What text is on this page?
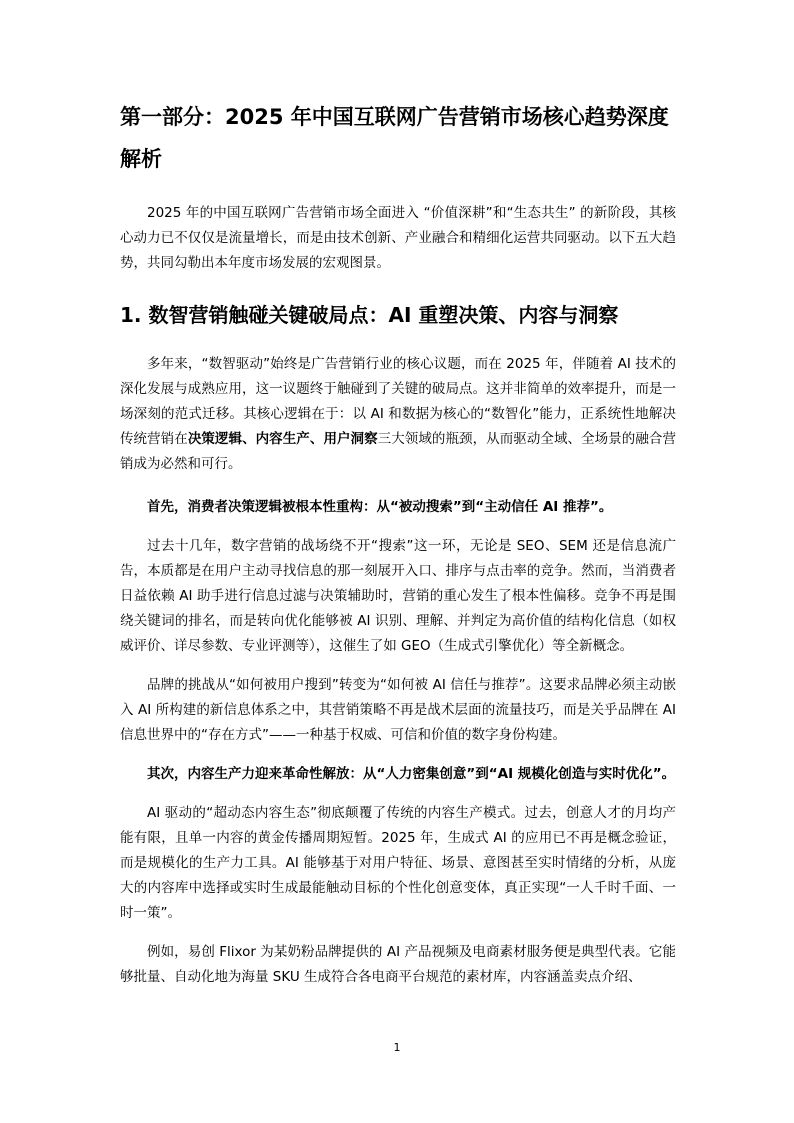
第一部分：2025 年中国互联网广告营销市场核心趋势深度解析

2025 年的中国互联网广告营销市场全面进入 “价值深耕”和“生态共生” 的新阶段，其核心动力已不仅仅是流量增长，而是由技术创新、产业融合和精细化运营共同驱动。以下五大趋势，共同勾勒出本年度市场发展的宏观图景。

1. 数智营销触碰关键破局点：AI 重塑决策、内容与洞察

多年来，“数智驱动”始终是广告营销行业的核心议题，而在 2025 年，伴随着 AI 技术的深化发展与成熟应用，这一议题终于触碰到了关键的破局点。这并非简单的效率提升，而是一场深刻的范式迁移。其核心逻辑在于：以 AI 和数据为核心的“数智化”能力，正系统性地解决传统营销在决策逻辑、内容生产、用户洞察三大领域的瓶颈，从而驱动全域、全场景的融合营销成为必然和可行。

首先，消费者决策逻辑被根本性重构：从“被动搜索”到“主动信任 AI 推荐”。

过去十几年，数字营销的战场绕不开“搜索”这一环，无论是 SEO、SEM 还是信息流广告，本质都是在用户主动寻找信息的那一刻展开入口、排序与点击率的竞争。然而，当消费者日益依赖 AI 助手进行信息过滤与决策辅助时，营销的重心发生了根本性偏移。竞争不再是围绕关键词的排名，而是转向优化能够被 AI 识别、理解、并判定为高价值的结构化信息（如权威评价、详尽参数、专业评测等），这催生了如 GEO（生成式引擎优化）等全新概念。

品牌的挑战从“如何被用户搜到”转变为“如何被 AI 信任与推荐”。这要求品牌必须主动嵌入 AI 所构建的新信息体系之中，其营销策略不再是战术层面的流量技巧，而是关乎品牌在 AI 信息世界中的“存在方式”——一种基于权威、可信和价值的数字身份构建。

其次，内容生产力迎来革命性解放：从“人力密集创意”到“AI 规模化创造与实时优化”。

AI 驱动的“超动态内容生态”彻底颠覆了传统的内容生产模式。过去，创意人才的月均产能有限，且单一内容的黄金传播周期短暂。2025 年，生成式 AI 的应用已不再是概念验证，而是规模化的生产力工具。AI 能够基于对用户特征、场景、意图甚至实时情绪的分析，从庞大的内容库中选择或实时生成最能触动目标的个性化创意变体，真正实现“一人千时千面、一时一策”。

例如，易创 Flixor 为某奶粉品牌提供的 AI 产品视频及电商素材服务便是典型代表。它能够批量、自动化地为海量 SKU 生成符合各电商平台规范的素材库，内容涵盖卖点介绍、

1
